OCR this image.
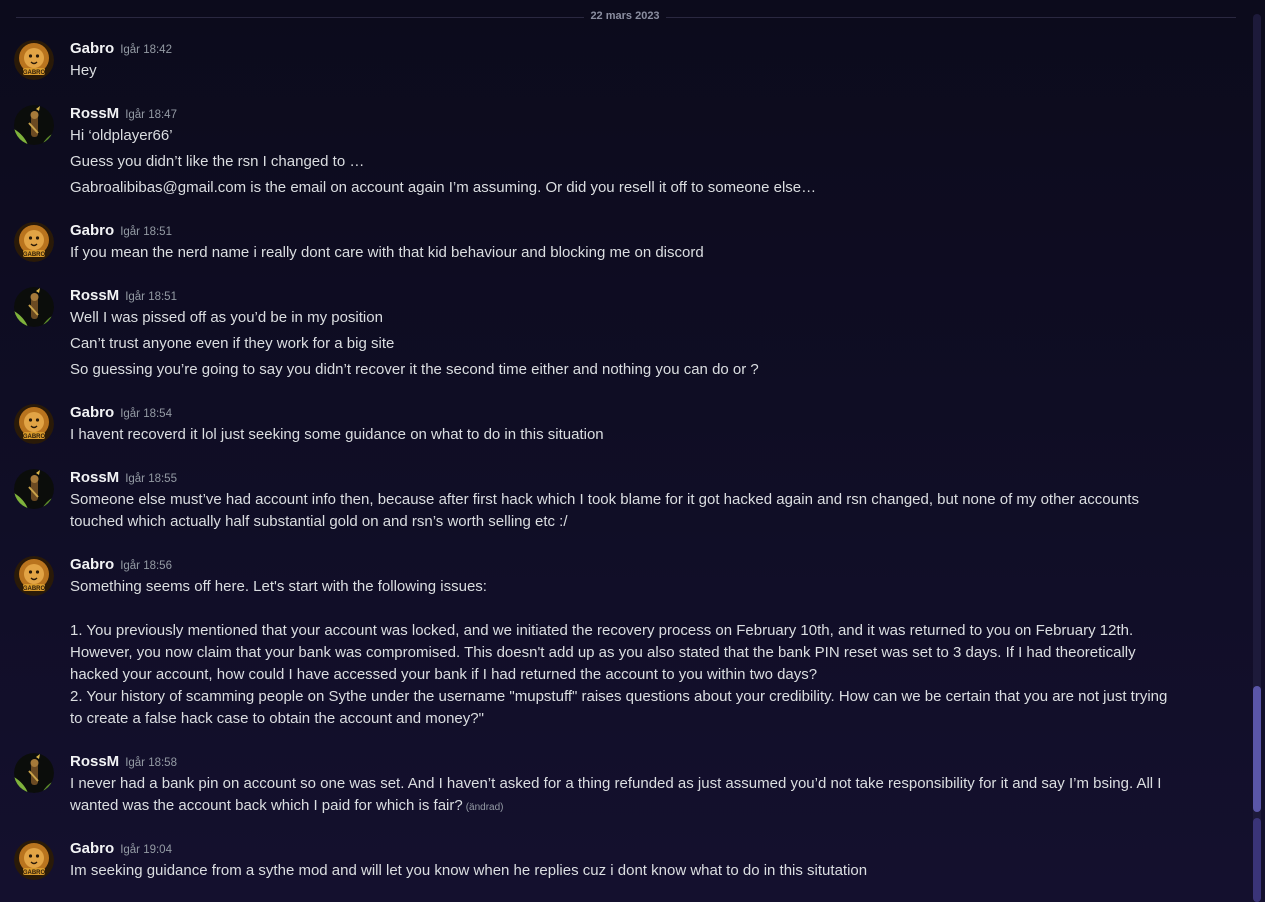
22 mars 2023
GABRO
Gabro Igår 18:42
Hey
RossM Igår 18:47
Hi ‘oldplayer66’
Guess you didn’t like the rsn I changed to …
Gabroalibibas@gmail.com is the email on account again I’m assuming. Or did you resell it off to someone else…
GABRO
Gabro Igår 18:51
If you mean the nerd name i really dont care with that kid behaviour and blocking me on discord
RossM Igår 18:51
Well I was pissed off as you’d be in my position
Can’t trust anyone even if they work for a big site
So guessing you’re going to say you didn’t recover it the second time either and nothing you can do or ?
GABRO
Gabro Igår 18:54
I havent recoverd it lol just seeking some guidance on what to do in this situation
RossM Igår 18:55
Someone else must’ve had account info then, because after first hack which I took blame for it got hacked again and rsn changed, but none of my other accounts
touched which actually half substantial gold on and rsn’s worth selling etc :/
GABRO
Gabro Igår 18:56
Something seems off here. Let's start with the following issues:

1. You previously mentioned that your account was locked, and we initiated the recovery process on February 10th, and it was returned to you on February 12th.
However, you now claim that your bank was compromised. This doesn't add up as you also stated that the bank PIN reset was set to 3 days. If I had theoretically
hacked your account, how could I have accessed your bank if I had returned the account to you within two days?
2. Your history of scamming people on Sythe under the username "mupstuff" raises questions about your credibility. How can we be certain that you are not just trying
to create a false hack case to obtain the account and money?"
RossM Igår 18:58
I never had a bank pin on account so one was set. And I haven’t asked for a thing refunded as just assumed you’d not take responsibility for it and say I’m bsing. All I
wanted was the account back which I paid for which is fair? (ändrad)
GABRO
Gabro Igår 19:04
Im seeking guidance from a sythe mod and will let you know when he replies cuz i dont know what to do in this situtation
